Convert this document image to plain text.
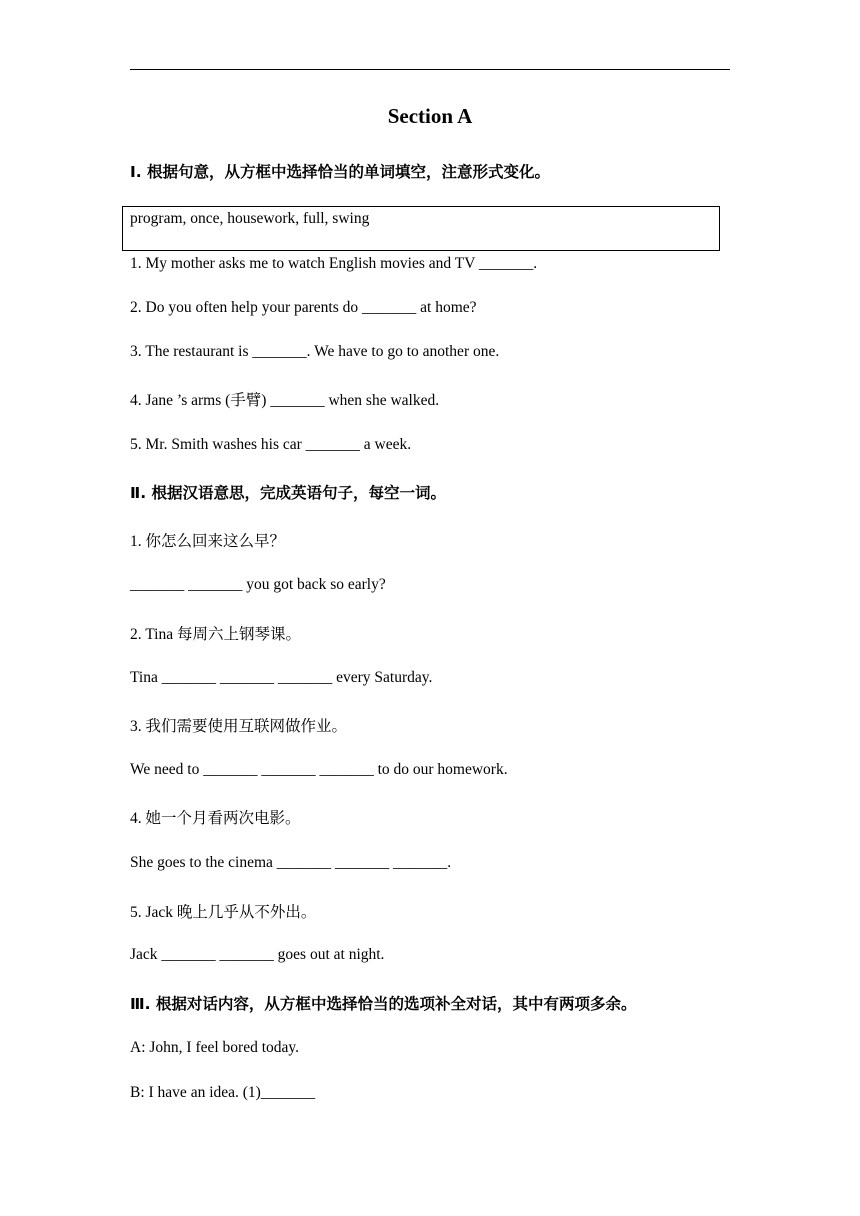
Section A
Ⅰ. 根据句意，从方框中选择恰当的单词填空，注意形式变化。
program, once, housework, full, swing
1. My mother asks me to watch English movies and TV _______.
2. Do you often help your parents do _______ at home?
3. The restaurant is _______. We have to go to another one.
4. Jane ’s arms (手臂) _______ when she walked.
5. Mr. Smith washes his car _______ a week.
Ⅱ. 根据汉语意思，完成英语句子，每空一词。
1. 你怎么回来这么早？
_______ _______ you got back so early?
2. Tina 每周六上钢琴课。
Tina _______ _______ _______ every Saturday.
3. 我们需要使用互联网做作业。
We need to _______ _______ _______ to do our homework.
4. 她一个月看两次电影。
She goes to the cinema _______ _______ _______.
5. Jack 晚上几乎从不外出。
Jack _______ _______ goes out at night.
Ⅲ. 根据对话内容，从方框中选择恰当的选项补全对话，其中有两项多余。
A: John, I feel bored today.
B: I have an idea. (1)_______
